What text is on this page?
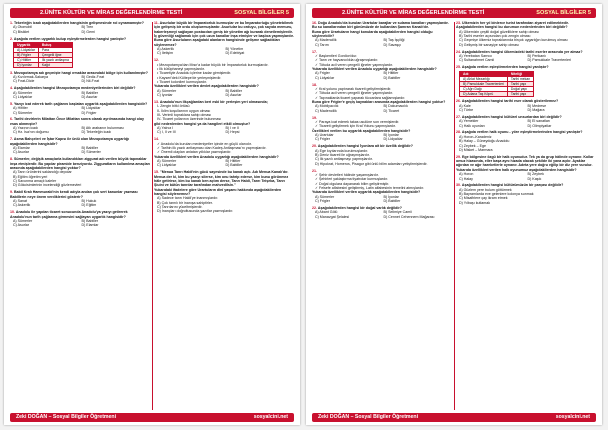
2.ÜNİTE KÜLTÜR VE MİRAS DEĞERLENDİRME TESTİ	SOSYAL BİLGİLER 5
1. Tekerleğin icadı aşağıdakilerden hangisinin gelişmesinde rol oynamamıştır?
A) Otomobil	B) Tren
C) Bisiklet	D) Gemi
2. Aşağıda verilen uygarlık bulup eşleştirmelerden hangisi yanlıştır?
Uygarlık	Buluş
A) Lidyalılar	Para
B) Frigler	Çengelli iğne
C) Hititler	İlk yazılı antlaşma
D) İyonlar	Kağıt
3. Mezopotamya adı geçmişte hangi ırmaklar arasındaki bölge için kullanılmıştır?
A) Kızılırmak-Sakarya	B) Gediz-Fırat
C) Fırat-Dicle	D) Nil-Fırat
4. Aşağıdakilerden hangisi Mezopotamya medeniyetlerinden biri değildir?
A) Sümerler	B) Babiller
C) Lidyalılar	D) Asurlar
5. Yazıyı icat ederek tarih çağlarını başlatan uygarlık aşağıdakilerden hangisidir?
A) Hititler	B) Lidyalılar
C) Sümerler	D) Frigler
6. Tarihi devirlerin Milattan Önce Milattan sonra olarak ayrılmasında hangi olay esas alınmıştır?
A) Yazının icadı	B) Atlı arabanın bulunması
C) Hz. İsa'nın doğumu	D) Tekerleğin icadı
7. Asma Bahçeleri ve İştar Kapısı ile ünlü olan Mezopotamya uygarlığı aşağıdakilerden hangisidir?
A) Elamlar	B) Babiller
C) Asurlar	D) Sümerler
8. Sümerler, değişik amaçlarla kullandıkları ziggurat adı verilen büyük tapınaklar inşa etmişlerdir. Bu yapılar piramide benziyordu. Zigguratların kullanılma amaçları arasında aşağıdakilerden hangisi yoktur?
A) Tanrı ürünlerini saklandığı depolar
B) Eğitim öğretim yeri
C) Savunma amaçlı kaleler
D) Gökcisimlerinin incelendiği gözlemevleri
9. Babil Kralı Hammurabi'nin kendi adıyla andan çok sert kanunlar yazması Babillerin neye önem verdiklerini gösterir?
A) Sanat	B) Hukuk
C) Askerlik	D) Eğitim
10. Anadolu ile yapılan ticaret sonucunda Anadolu'ya yazıyı getirerek Anadolu'nun tarih çağlarına girmesini sağlayan uygarlık hangisidir?
A) Sümerler	B) Babiller
C) Asurlar	D) Elamlar
11. Asurlular büyük bir İmparatorluk kurmuşlar ve bu İmparatorluğu yönetebilmek için gelişmiş bir ordu oluşturmuşlardır. Asurlular bu orduyu, çok sayıda memuru, haberleşmeyi sağlayan postacıları geniş bir yönetim ağı kurarak denetlemişlerdir. İç güvenliği sağlamak için çok uzun kanallar inşa etmişler ve başlıca yapmışlardır.
Buna göre Asurluların aşağıdaki alanların hangisinde gelişme sağladıkları söylenemez?
A) Askerlik	B) Yönetim
C) İletişim	D) Edebiyat
12.
• Mezopotamya'dan Mısır'a kadar büyük bir İmparatorluk kurmuşlardır.
• İlk kütüphaneyi yapmışlardır.
• Ticaretiyle Anadolu içlerine kadar girmişlerdir.
• Kayseri'deki Kültepe'de yerleşmişlerdir.
• Ticaret kolonileri kurmuşlardır.
Yukarıda özellikleri verilen devlet aşağıdakilerden hangisidir?
A) Sümerler	B) Babiller
C) İyonlar	D) Asurlar
13. Anadolu'nun ilkçağlardan beri eski bir yerleşim yeri olmasında;
I- Zengin bitki örtüsü
II- İklim koşullarının uygun olması
III- Verimli topraklara sahip olması
IV- Ticaret yollarının üzerinde bulunması
gibi nedenlerden hangisi ya da hangileri etkili olmuştur?
A) Yalnız I	B) I ve II
C) I, II ve III	D) Hepsi
14.
✓ Anadolu'da kurulan medeniyetler içinde en güçlü olanıdır.
✓ Tarihin ilk yazılı antlaşması olan Kadeş Antlaşması'nı yapmışlardır.
✓ Önemli olayları anlatan yıllıklar yazmışlardır.
Yukarıda özellikleri verilen Anadolu uygarlığı aşağıdakilerden hangisidir?
A) Sümerler	B) Hititler
C) Lidyalılar	D) Babiller
15. "Menua Tanrı Haldi'nin gücü sayesinde bu kanalı açtı. Adı Menua Kanalı'dır. Menua der ki, kim bu yazıyı silerse, kim onu tahrip ederse, kim bunu görünmez hâle getirirse, kim bu kanalı ben açtım derse, Tanrı Haldi, Tanrı Teişeba, Tanrı Şiuini ve bütün tanrılar tarafından mahvedilsin."
Yukarıdaki ifadelere göre Urartuların dinî yaşamı hakkında aşağıdakilerden hangisi söylenemez?
A) Sadece tanrı Haldi'ye inanmışlardır.
B) Çok tanrılı bir inanışa sahiptirler.
C) Tanrılarını yüceltmişlerdir.
D) İnançları doğrultusunda yazıtlar yazmışlardır.
Zeki DOĞAN – Sosyal Bilgiler Öğretmeni	sosyalcini.net
2.ÜNİTE KÜLTÜR VE MİRAS DEĞERLENDİRME TESTİ	SOSYAL BİLGİLER 5
16. Doğu Anadolu'da kurulan Urartular barajlar ve sulama kanalları yapmışlardır. Bu su kanallarından biri günümüzde de kullanılan Şamran Kanalı'dır.
Buna göre Urartuların hangi konularda aşağıdakilerden hangisi olduğu söylenebilir?
A) Madencilik	B) Taş İşçiliği
C) Tarım	D) Savaşçı
17.
✓ Başkentleri Gordion'dur.
✓ Tanrı ve hayvancılıkla uğraşmışlardır.
✓ Tötuda acil veren çengelli iğneler yapmışlardır.
Yukarıda özellikleri verilen Anadolu uygarlığı aşağıdakilerden hangisidir?
A) Frigler	B) Hititler
C) Lidyalılar	D) Babiller
18.
✓ Kral yolunu yaptırarak ticareti geliştirmişlerdir.
✓ Tötuda acil veren çengelli iğneler yapmışlardır.
✓ Tapınaklarda ticaret yaparak tüccarlara sağlamışlardır.
Buna göre Frigler'e geçiş kaynakları arasında aşağıdakilerden hangisi yoktur?
A) Mobilyacılık	B) Dokumacılık
C) Madencilik	D) Ticaret
19.
✓ Paraya icat ederek takas usulüne son vermişlerdir.
✓ Ticareti geliştirmek için Kral Yolunu yapmışlardır.
Özellikleri verilen bu uygarlık aşağıdakilerden hangisidir?
A) Urartular	B) İyonlar
C) Frigler	D) Lidyalılar
20. Aşağıdakilerden hangisi İyonlara ait bir özellik değildir?
A) Ege kıyılarında kurulmuşlardır.
B) Deniz ticareti ile uğraşmışlardır.
C) İlk yazılı antlaşmayı yapmışlardır.
D) Hipokrat, Homeros, Pisagor gibi ünlü bilim adamları yetiştirmişlerdir.
21.
✓ Şehir devletleri hâlinde yaşamışlardır.
✓ Şehirleri yaklaştırma tiyatrolar kurmuşlardır.
✓ Doğal olgulara dayanarak bilim geliştirmiştir.
✓ Felsefe alfabesini geliştirmiş, Latin alfabesinin temelini atmışlardır.
Yukarıda özellikleri verilen uygarlık aşağıdakilerden hangisidir?
A) Sümerler	B) İyonlar
C) Frigler	D) Babiller
22. Aşağıdakilerden hangisi bir doğal varlık değildir?
A) Abant Gölü	B) Selimiye Camii
C) Manavgat Şelalesi	D) Cennet Cehennem Mağarası
23. Ülkemizin her yıl binlerce turist tarafından ziyaret edilmektedir.
Aşağıdakilerden hangisi bu durumun nedenlerinden biri değildir?
A) Ülkemizin çeşitli doğal güzelliklere sahip olması
B) Tarihi eserler açısından çok zengin olması
C) Geçmişe ülkemiz topraklarında birçok uygarlığın kurulmuş olması
D) Gelişmiş bir sanayiye sahip olması
24. Aşağıdakilerden hangisi ülkemizdeki tarihi eserler arasında yer almaz?
A) Yerebatan Sarnıcı	B) Perikaniı
C) Sultanahmet Camii	D) Pamukkale Travertenleri
25. Aşağıda verilen eşleştirmelerden hangisi yanlıştır?
Adı	Niteliği
A) Ahlat Mezarlığı	Tarihi mekan
B) Pamukkale Travertenleri	Tarihi yapı
C) Ağrı Dağı	Doğal yapı
D) Adana Taş Köprü	Tarihi yapı
26. Aşağıdakilerden hangisi tarihi eser olarak gösterilemez?
A) Kale	B) Medrese
C) Türbe	D) Mağara
27. Aşağıdakilerden hangisi kültürel unsurlardan biri değildir?
A) Yemekler	B) El sanatları
C) Halk oyunları	D) Olimpiyatlar
28. Aşağıda verilen halk oyunu - yöre eşleştirmelerinden hangisi yanlıştır?
A) Horon–Karadeniz
B) Halay – Güneydoğu Anadolu
C) Zeybek – Ege
D) Misket – Marmara
29. Ege bölgesine özgü bir halk oyunudur. Tek ya da grup hâlinde oynanır. Kollar omuz hizasında, eller başa aynı hizada olacak şekilde iki yana açılır. Ayaklar ağırdan ve ağır hareketlerle oynanır. Adeta yere doğru eğilip bir diz yere vurulur.
Yukarıda özellikleri verilen halk oyunumuz aşağıdakilerden hangisidir?
A) Horon	B) Zeybek
C) Halay	D) Kaşık
30. Aşağıdakilerden hangisi kültürümüzün bir parçası değildir?
A) Güzlem yere bulum göttürmek
B) Bayramlarda eve gelenlere kolonya sunmak
C) Misafirlere çay ikram etmek
D) Yılbaşı kutlamak
Zeki DOĞAN – Sosyal Bilgiler Öğretmeni	sosyalcini.net
